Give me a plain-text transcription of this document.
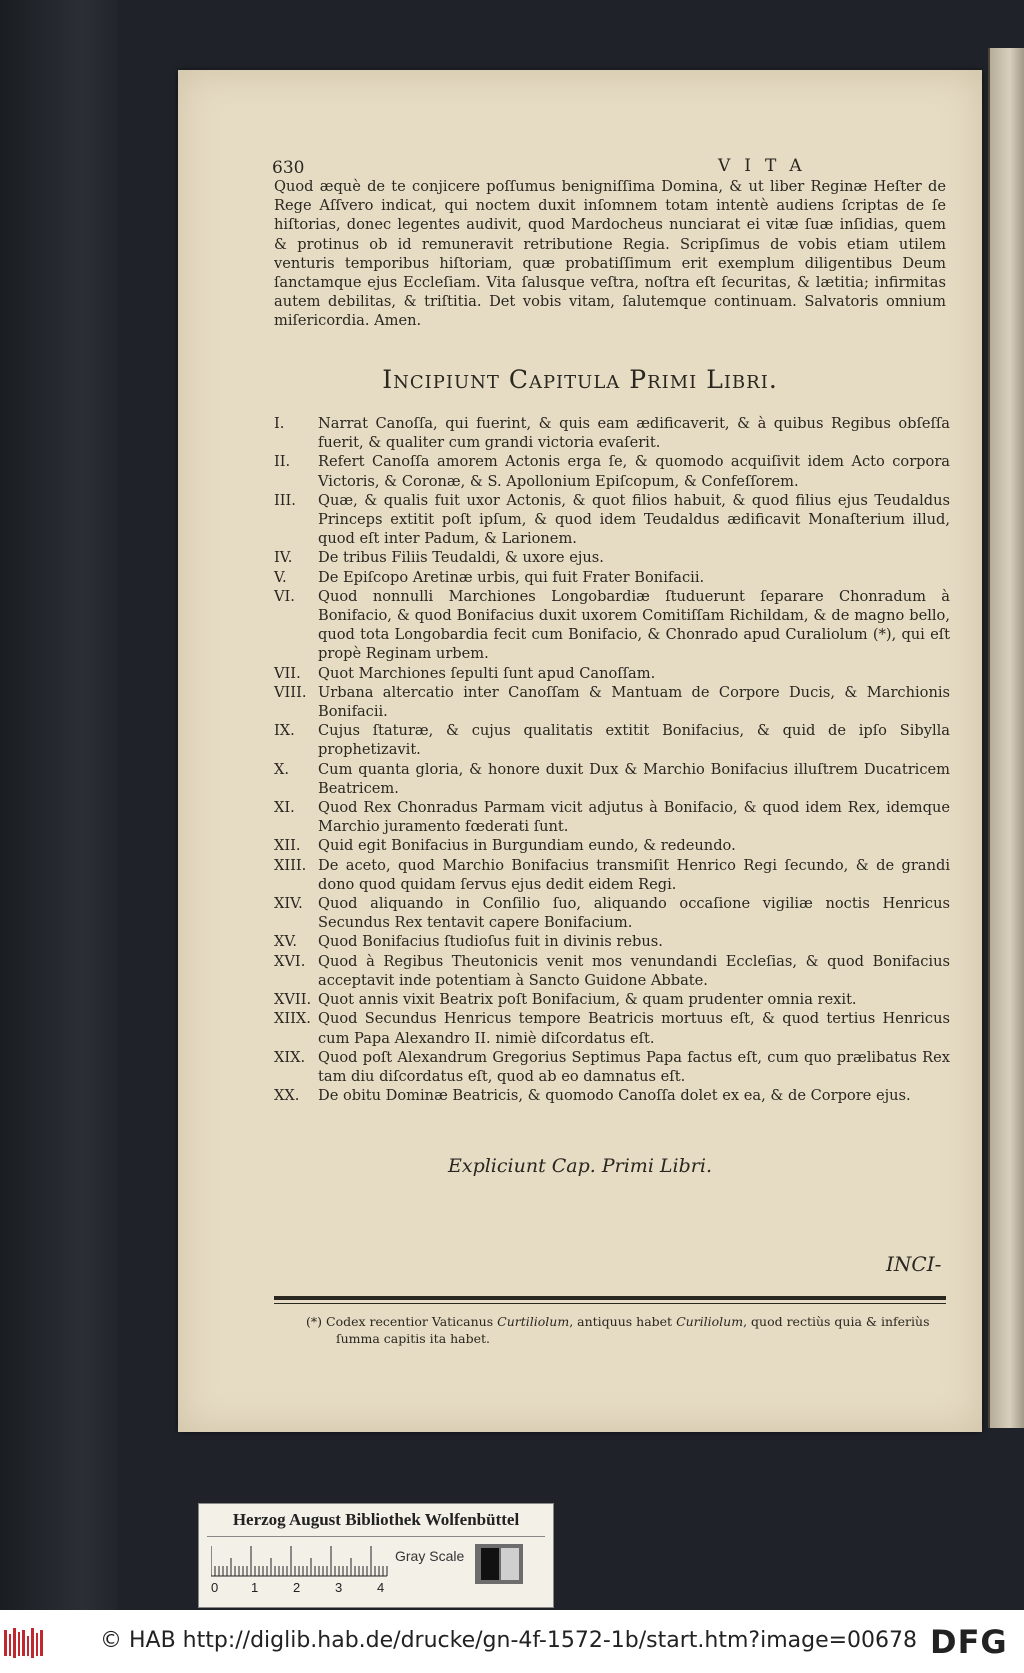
630	VITA
Quod æquè de te conjicere poſſumus benigniſſima Domina, & ut liber Reginæ Heſter de Rege Aſſvero indicat, qui noctem duxit inſomnem totam intentè audiens ſcriptas de ſe hiſtorias, donec legentes audivit, quod Mardocheus nunciarat ei vitæ ſuæ inſidias, quem & protinus ob id remuneravit retributione Regia. Scripſimus de vobis etiam utilem venturis temporibus hiſtoriam, quæ probatiſſimum erit exemplum diligentibus Deum ſanctamque ejus Eccleſiam. Vita ſalusque veſtra, noſtra eſt ſecuritas, & lætitia; infirmitas autem debilitas, & triſtitia. Det vobis vitam, ſalutemque continuam. Salvatoris omnium miſericordia. Amen.
Incipiunt Capitula Primi Libri.
I. Narrat Canoſſa, qui fuerint, & quis eam ædificaverit, & à quibus Regibus obſeſſa fuerit, & qualiter cum grandi victoria evaſerit.
II. Refert Canoſſa amorem Actonis erga ſe, & quomodo acquiſivit idem Acto corpora Victoris, & Coronæ, & S. Apollonium Epiſcopum, & Confeſſorem.
III. Quæ, & qualis fuit uxor Actonis, & quot filios habuit, & quod filius ejus Teudaldus Princeps extitit poſt ipſum, & quod idem Teudaldus ædificavit Monaſterium illud, quod eſt inter Padum, & Larionem.
IV. De tribus Filiis Teudaldi, & uxore ejus.
V. De Epiſcopo Aretinæ urbis, qui fuit Frater Bonifacii.
VI. Quod nonnulli Marchiones Longobardiæ ſtuduerunt ſeparare Chonradum à Bonifacio, & quod Bonifacius duxit uxorem Comitiſſam Richildam, & de magno bello, quod tota Longobardia fecit cum Bonifacio, & Chonrado apud Curaliolum (*), qui eſt propè Reginam urbem.
VII. Quot Marchiones ſepulti ſunt apud Canoſſam.
VIII. Urbana altercatio inter Canoſſam & Mantuam de Corpore Ducis, & Marchionis Bonifacii.
IX. Cujus ſtaturæ, & cujus qualitatis extitit Bonifacius, & quid de ipſo Sibylla prophetizavit.
X. Cum quanta gloria, & honore duxit Dux & Marchio Bonifacius illuſtrem Ducatricem Beatricem.
XI. Quod Rex Chonradus Parmam vicit adjutus à Bonifacio, & quod idem Rex, idemque Marchio juramento fœderati ſunt.
XII. Quid egit Bonifacius in Burgundiam eundo, & redeundo.
XIII. De aceto, quod Marchio Bonifacius transmiſit Henrico Regi ſecundo, & de grandi dono quod quidam ſervus ejus dedit eidem Regi.
XIV. Quod aliquando in Conſilio ſuo, aliquando occaſione vigiliæ noctis Henricus Secundus Rex tentavit capere Bonifacium.
XV. Quod Bonifacius ſtudioſus fuit in divinis rebus.
XVI. Quod à Regibus Theutonicis venit mos venundandi Eccleſias, & quod Bonifacius acceptavit inde potentiam à Sancto Guidone Abbate.
XVII. Quot annis vixit Beatrix poſt Bonifacium, & quam prudenter omnia rexit.
XIIX. Quod Secundus Henricus tempore Beatricis mortuus eſt, & quod tertius Henricus cum Papa Alexandro II. nimiè diſcordatus eſt.
XIX. Quod poſt Alexandrum Gregorius Septimus Papa factus eſt, cum quo prælibatus Rex tam diu diſcordatus eſt, quod ab eo damnatus eſt.
XX. De obitu Dominæ Beatricis, & quomodo Canoſſa dolet ex ea, & de Corpore ejus.
Expliciunt Cap. Primi Libri.
INCI-
(*) Codex recentior Vaticanus Curtiliolum, antiquus habet Curiliolum, quod rectiùs quia & inferiùs ſumma capitis ita habet.
Herzog August Bibliothek Wolfenbüttel
0	1	2	3	4
Gray Scale
© HAB http://diglib.hab.de/drucke/gn-4f-1572-1b/start.htm?image=00678 DFG
